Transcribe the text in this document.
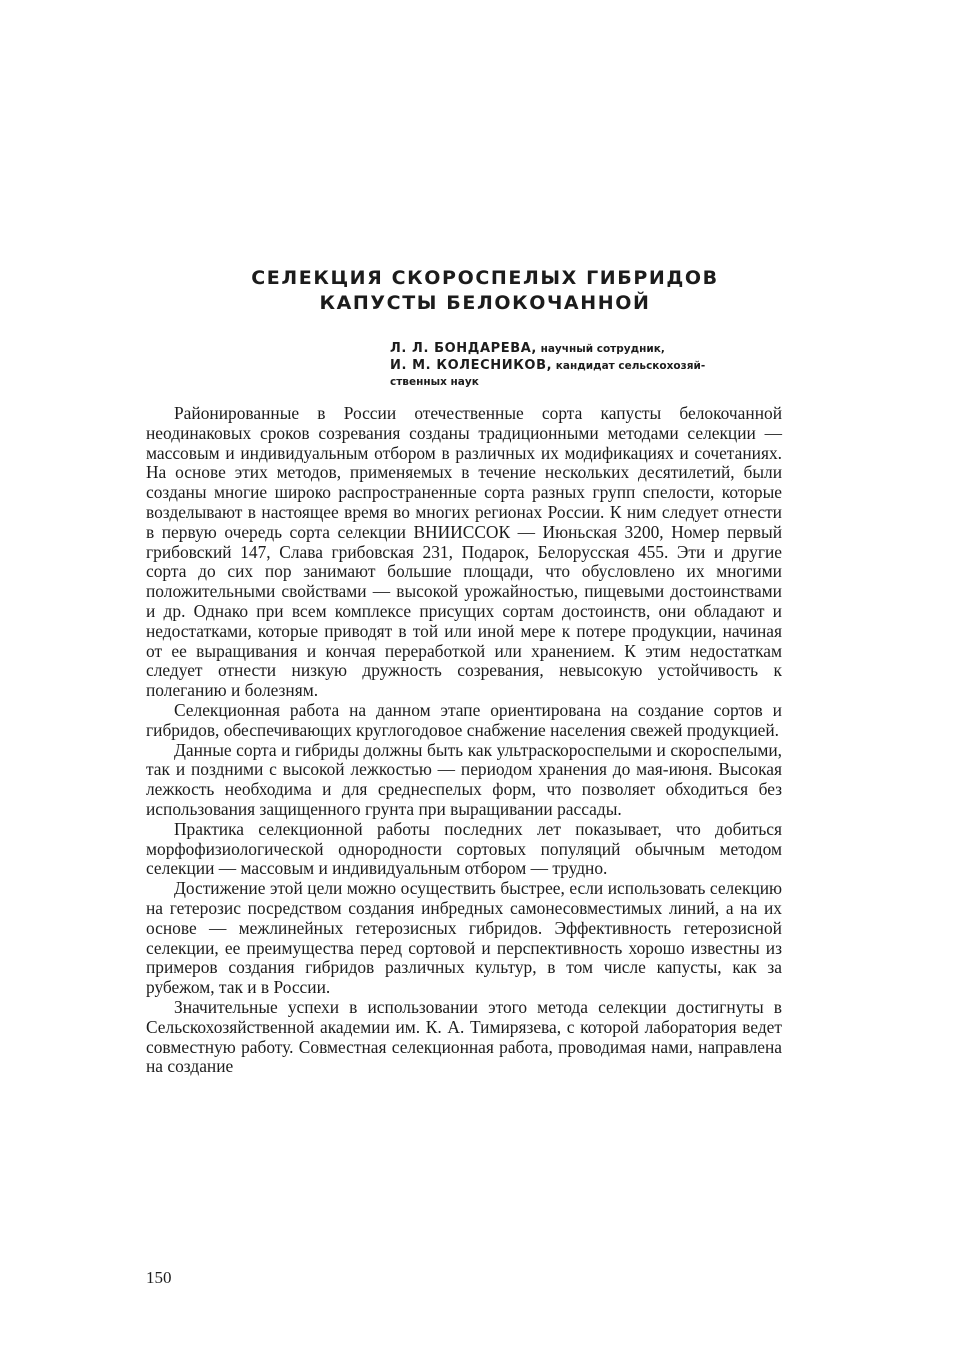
СЕЛЕКЦИЯ СКОРОСПЕЛЫХ ГИБРИДОВ
КАПУСТЫ БЕЛОКОЧАННОЙ
Л. Л. БОНДАРЕВА, научный сотрудник,
И. М. КОЛЕСНИКОВ, кандидат сельскохозяй-
ственных наук

Районированные в России отечественные сорта капусты белокочанной неодинаковых сроков созревания созданы традиционными методами селекции — массовым и индивидуальным отбором в различных их модификациях и сочетаниях. На основе этих методов, применяемых в течение нескольких десятилетий, были созданы многие широко распространенные сорта разных групп спелости, которые возделывают в настоящее время во многих регионах России. К ним следует отнести в первую очередь сорта селекции ВНИИССОК — Июньская 3200, Номер первый грибовский 147, Слава грибовская 231, Подарок, Белорусская 455. Эти и другие сорта до сих пор занимают большие площади, что обусловлено их многими положительными свойствами — высокой урожайностью, пищевыми достоинствами и др. Однако при всем комплексе присущих сортам достоинств, они обладают и недостатками, которые приводят в той или иной мере к потере продукции, начиная от ее выращивания и кончая переработкой или хранением. К этим недостаткам следует отнести низкую дружность созревания, невысокую устойчивость к полеганию и болезням.

Селекционная работа на данном этапе ориентирована на создание сортов и гибридов, обеспечивающих круглогодовое снабжение населения свежей продукцией.

Данные сорта и гибриды должны быть как ультраскороспелыми и скороспелыми, так и поздними с высокой лежкостью — периодом хранения до мая-июня. Высокая лежкость необходима и для среднеспелых форм, что позволяет обходиться без использования защищенного грунта при выращивании рассады.

Практика селекционной работы последних лет показывает, что добиться морфофизиологической однородности сортовых популяций обычным методом селекции — массовым и индивидуальным отбором — трудно.

Достижение этой цели можно осуществить быстрее, если использовать селекцию на гетерозис посредством создания инбредных самонесовместимых линий, а на их основе — межлинейных гетерозисных гибридов. Эффективность гетерозисной селекции, ее преимущества перед сортовой и перспективность хорошо известны из примеров создания гибридов различных культур, в том числе капусты, как за рубежом, так и в России.

Значительные успехи в использовании этого метода селекции достигнуты в Сельскохозяйственной академии им. К. А. Тимирязева, с которой лаборатория ведет совместную работу. Совместная селекционная работа, проводимая нами, направлена на создание

150
